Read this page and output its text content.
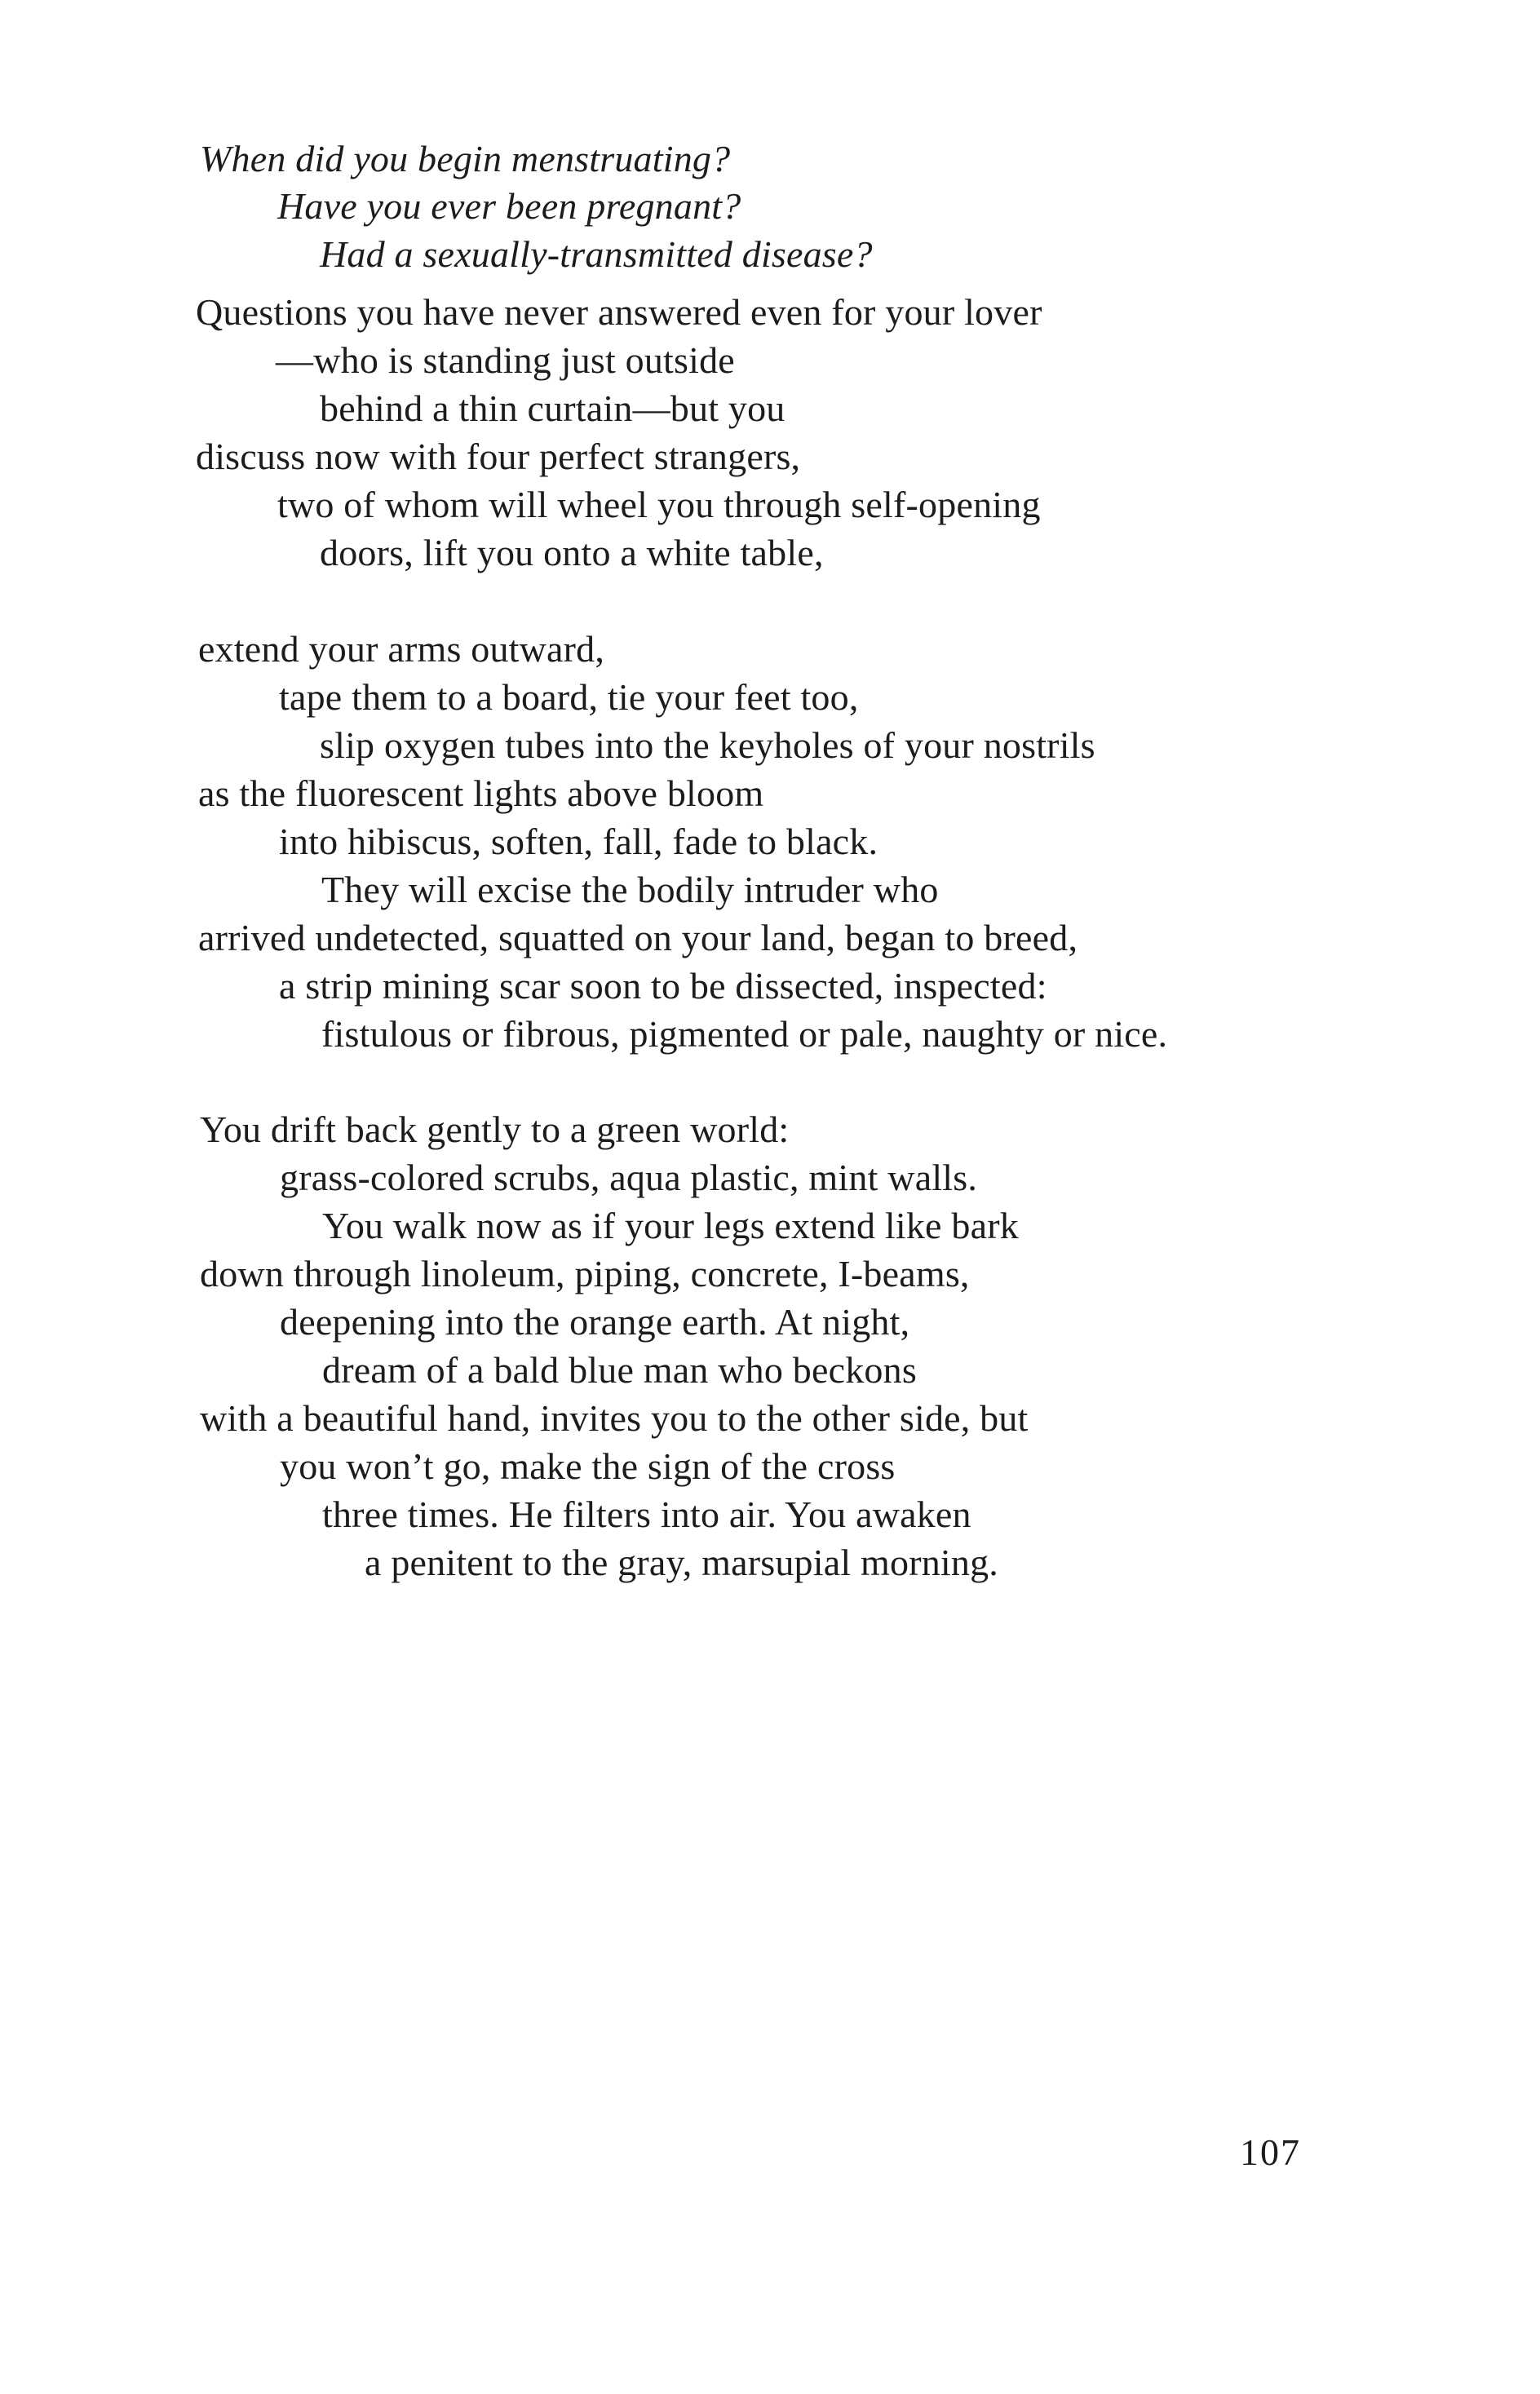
When did you begin menstruating?
Have you ever been pregnant?
Had a sexually-transmitted disease?
Questions you have never answered even for your lover
—who is standing just outside
behind a thin curtain—but you
discuss now with four perfect strangers,
two of whom will wheel you through self-opening
doors, lift you onto a white table,
extend your arms outward,
tape them to a board, tie your feet too,
slip oxygen tubes into the keyholes of your nostrils
as the fluorescent lights above bloom
into hibiscus, soften, fall, fade to black.
They will excise the bodily intruder who
arrived undetected, squatted on your land, began to breed,
a strip mining scar soon to be dissected, inspected:
fistulous or fibrous, pigmented or pale, naughty or nice.
You drift back gently to a green world:
grass-colored scrubs, aqua plastic, mint walls.
You walk now as if your legs extend like bark
down through linoleum, piping, concrete, I-beams,
deepening into the orange earth. At night,
dream of a bald blue man who beckons
with a beautiful hand, invites you to the other side, but
you won’t go, make the sign of the cross
three times. He filters into air. You awaken
a penitent to the gray, marsupial morning.
107
